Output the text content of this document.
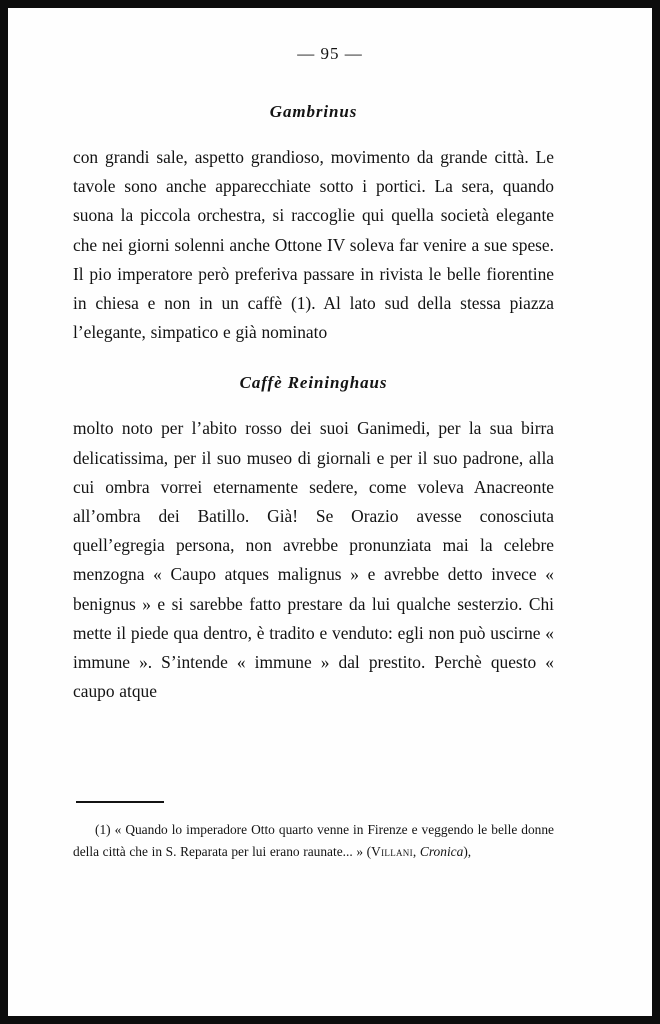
— 95 —
Gambrinus

con grandi sale, aspetto grandioso, movimento da grande città. Le tavole sono anche apparecchiate sotto i portici. La sera, quando suona la piccola orchestra, si raccoglie qui quella società elegante che nei giorni solenni anche Ottone IV soleva far venire a sue spese. Il pio imperatore però preferiva passare in rivista le belle fiorentine in chiesa e non in un caffè (1). Al lato sud della stessa piazza l’elegante, simpatico e già nominato

Caffè Reininghaus

molto noto per l’abito rosso dei suoi Ganimedi, per la sua birra delicatissima, per il suo museo di giornali e per il suo padrone, alla cui ombra vorrei eternamente sedere, come voleva Anacreonte all’ombra dei Batillo. Già! Se Orazio avesse conosciuta quell’egregia persona, non avrebbe pronunziata mai la celebre menzogna « Caupo atques malignus » e avrebbe detto invece « benignus » e si sarebbe fatto prestare da lui qualche sesterzio. Chi mette il piede qua dentro, è tradito e venduto: egli non può uscirne « immune ». S’intende « immune » dal prestito. Perchè questo « caupo atque

(1) « Quando lo imperadore Otto quarto venne in Firenze e veggendo le belle donne della città che in S. Reparata per lui erano raunate... » (Villani, Cronica),
